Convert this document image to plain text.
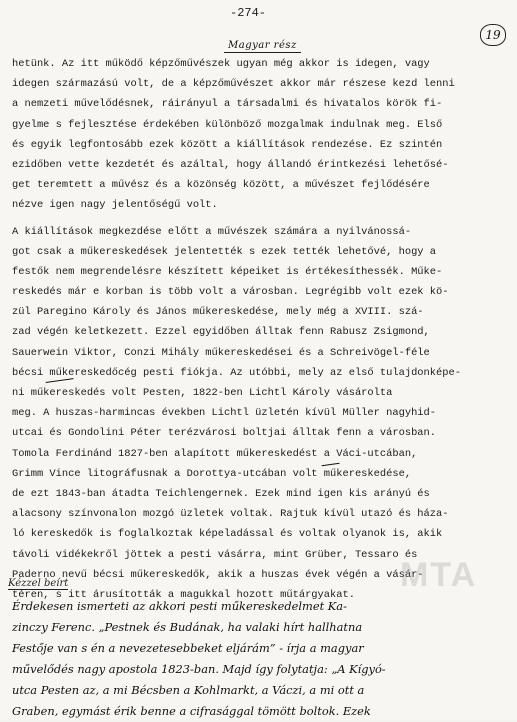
-274-
Magyar rész
19
hetünk. Az itt működő képzőművészek ugyan még akkor is idegen, vagy
idegen származású volt, de a képzőművészet akkor már részese kezd lenni
a nemzeti művelődésnek, ráirányul a társadalmi és hivatalos körök fi-
gyelme s fejlesztése érdekében különböző mozgalmak indulnak meg. Első
és egyik legfontosább ezek között a kiállítások rendezése. Ez szintén
ezidőben vette kezdetét és azáltal, hogy állandó érintkezési lehetősé-
get teremtett a művész és a közönség között, a művészet fejlődésére
nézve igen nagy jelentőségű volt.
A kiállítások megkezdése előtt a művészek számára a nyilvánossá-
got csak a műkereskedések jelentették s ezek tették lehetővé, hogy a
festők nem megrendelésre készített képeiket is értékesíthessék. Műke-
reskedés már e korban is több volt a városban. Legrégibb volt ezek kö-
zül Paregino Károly és János műkereskedése, mely még a XVIII. szá-
zad végén keletkezett. Ezzel egyidőben álltak fenn Rabusz Zsigmond,
Sauerwein Viktor, Conzi Mihály műkereskedései és a Schreivögel-féle
bécsi műkereskedőcég pesti fiókja. Az utóbbi, mely az első tulajdonképe-
ni műkereskedés volt Pesten, 1822-ben Lichtl Károly vásárolta
meg. A huszas-harmincas években Lichtl üzletén kívül Müller nagyhid-
utcai és Gondolini Péter terézvárosi boltjai álltak fenn a városban.
Tomola Ferdinánd 1827-ben alapított műkereskedést a Váci-utcában,
Grimm Vince litográfusnak a Dorottya-utcában volt műkereskedése,
de ezt 1843-ban átadta Teichlengernek. Ezek mind igen kis arányú és
alacsony színvonalon mozgó üzletek voltak. Rajtuk kívül utazó és háza-
ló kereskedők is foglalkoztak képeladással és voltak olyanok is, akik
távoli vidékekről jöttek a pesti vásárra, mint Grüber, Tessaro és
Paderno nevű bécsi műkereskedők, akik a huszas évek végén a vásár-
téren, s itt árusították a magukkal hozott műtárgyakat.
MTA
Kézzel beírt
Érdekesen ismerteti az akkori pesti műkereskedelmet Ka-
zinczy Ferenc. „Pestnek és Budának, ha valaki hírt hallhatna
Festője van s én a nevezetesebbeket eljárám” - írja a magyar
művelődés nagy apostola 1823-ban. Majd így folytatja: „A Kígyó-
utca Pesten az, a mi Bécsben a Kohlmarkt, a Váczi, a mi ott a
Graben, egymást érik benne a cifrasággal tömött boltok. Ezek
